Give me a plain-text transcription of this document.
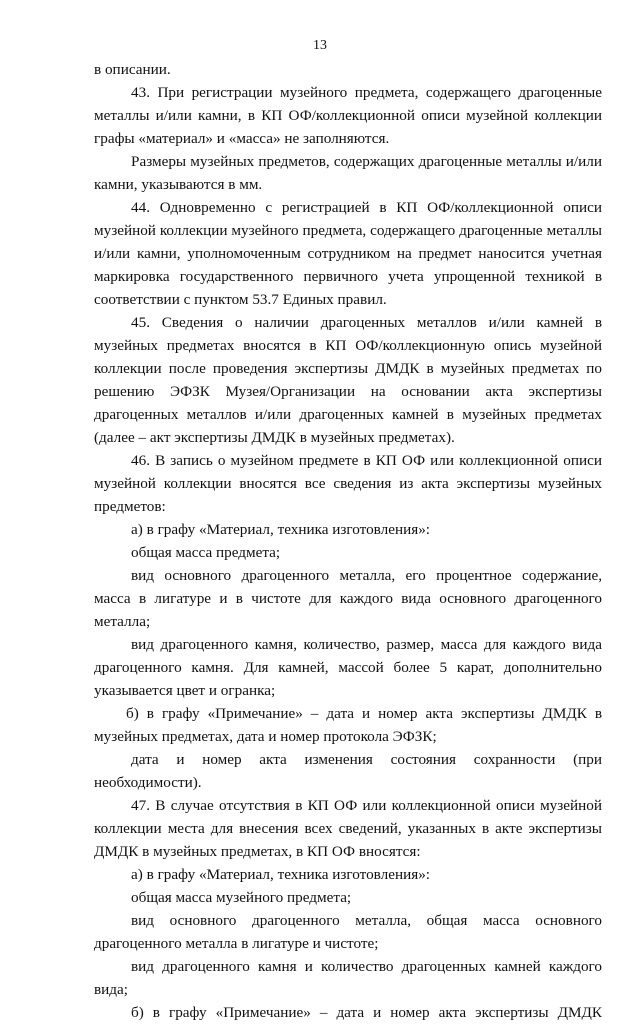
13

в описании.

43. При регистрации музейного предмета, содержащего драгоценные металлы и/или камни, в КП ОФ/коллекционной описи музейной коллекции графы «материал» и «масса» не заполняются.

Размеры музейных предметов, содержащих драгоценные металлы и/или камни, указываются в мм.

44. Одновременно с регистрацией в КП ОФ/коллекционной описи музейной коллекции музейного предмета, содержащего драгоценные металлы и/или камни, уполномоченным сотрудником на предмет наносится учетная маркировка государственного первичного учета упрощенной техникой в соответствии с пунктом 53.7 Единых правил.

45. Сведения о наличии драгоценных металлов и/или камней в музейных предметах вносятся в КП ОФ/коллекционную опись музейной коллекции после проведения экспертизы ДМДК в музейных предметах по решению ЭФЗК Музея/Организации на основании акта экспертизы драгоценных металлов и/или драгоценных камней в музейных предметах (далее – акт экспертизы ДМДК в музейных предметах).

46. В запись о музейном предмете в КП ОФ или коллекционной описи музейной коллекции вносятся все сведения из акта экспертизы музейных предметов:

а) в графу «Материал, техника изготовления»:

общая масса предмета;

вид основного драгоценного металла, его процентное содержание, масса в лигатуре и в чистоте для каждого вида основного драгоценного металла;

вид драгоценного камня, количество, размер, масса для каждого вида драгоценного камня. Для камней, массой более 5 карат, дополнительно указывается цвет и огранка;

б) в графу «Примечание» – дата и номер акта экспертизы ДМДК в музейных предметах, дата и номер протокола ЭФЗК;

дата и номер акта изменения состояния сохранности (при необходимости).

47. В случае отсутствия в КП ОФ или коллекционной описи музейной коллекции места для внесения всех сведений, указанных в акте экспертизы ДМДК в музейных предметах, в КП ОФ вносятся:

а) в графу «Материал, техника изготовления»:

общая масса музейного предмета;

вид основного драгоценного металла, общая масса основного драгоценного металла в лигатуре и чистоте;

вид драгоценного камня и количество драгоценных камней каждого вида;

б) в графу «Примечание» – дата и номер акта экспертизы ДМДК
